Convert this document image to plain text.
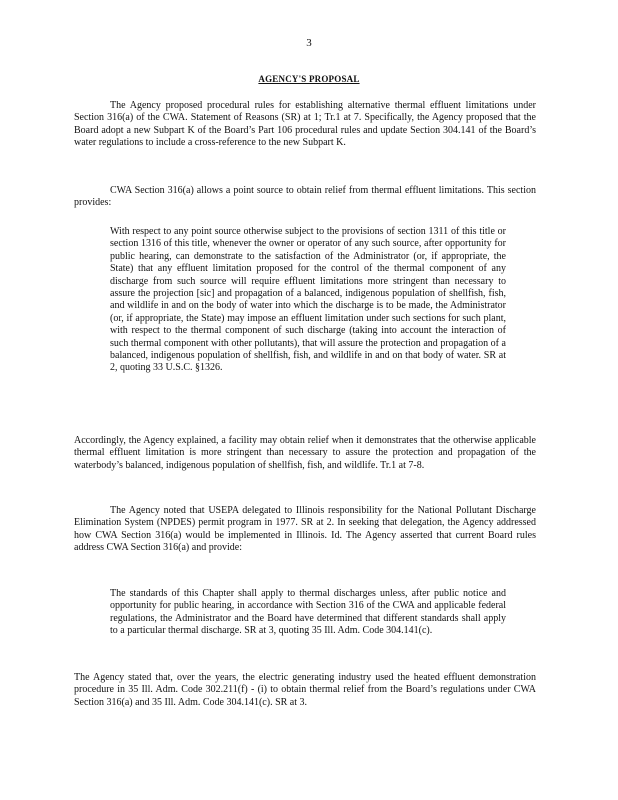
3
AGENCY'S PROPOSAL

The Agency proposed procedural rules for establishing alternative thermal effluent limitations under Section 316(a) of the CWA. Statement of Reasons (SR) at 1; Tr.1 at 7. Specifically, the Agency proposed that the Board adopt a new Subpart K of the Board’s Part 106 procedural rules and update Section 304.141 of the Board’s water regulations to include a cross-reference to the new Subpart K.

CWA Section 316(a) allows a point source to obtain relief from thermal effluent limitations. This section provides:

With respect to any point source otherwise subject to the provisions of section 1311 of this title or section 1316 of this title, whenever the owner or operator of any such source, after opportunity for public hearing, can demonstrate to the satisfaction of the Administrator (or, if appropriate, the State) that any effluent limitation proposed for the control of the thermal component of any discharge from such source will require effluent limitations more stringent than necessary to assure the projection [sic] and propagation of a balanced, indigenous population of shellfish, fish, and wildlife in and on the body of water into which the discharge is to be made, the Administrator (or, if appropriate, the State) may impose an effluent limitation under such sections for such plant, with respect to the thermal component of such discharge (taking into account the interaction of such thermal component with other pollutants), that will assure the protection and propagation of a balanced, indigenous population of shellfish, fish, and wildlife in and on that body of water. SR at 2, quoting 33 U.S.C. §1326.

Accordingly, the Agency explained, a facility may obtain relief when it demonstrates that the otherwise applicable thermal effluent limitation is more stringent than necessary to assure the protection and propagation of the waterbody’s balanced, indigenous population of shellfish, fish, and wildlife. Tr.1 at 7-8.

The Agency noted that USEPA delegated to Illinois responsibility for the National Pollutant Discharge Elimination System (NPDES) permit program in 1977. SR at 2. In seeking that delegation, the Agency addressed how CWA Section 316(a) would be implemented in Illinois. Id. The Agency asserted that current Board rules address CWA Section 316(a) and provide:

The standards of this Chapter shall apply to thermal discharges unless, after public notice and opportunity for public hearing, in accordance with Section 316 of the CWA and applicable federal regulations, the Administrator and the Board have determined that different standards shall apply to a particular thermal discharge. SR at 3, quoting 35 Ill. Adm. Code 304.141(c).

The Agency stated that, over the years, the electric generating industry used the heated effluent demonstration procedure in 35 Ill. Adm. Code 302.211(f) - (i) to obtain thermal relief from the Board’s regulations under CWA Section 316(a) and 35 Ill. Adm. Code 304.141(c). SR at 3.
